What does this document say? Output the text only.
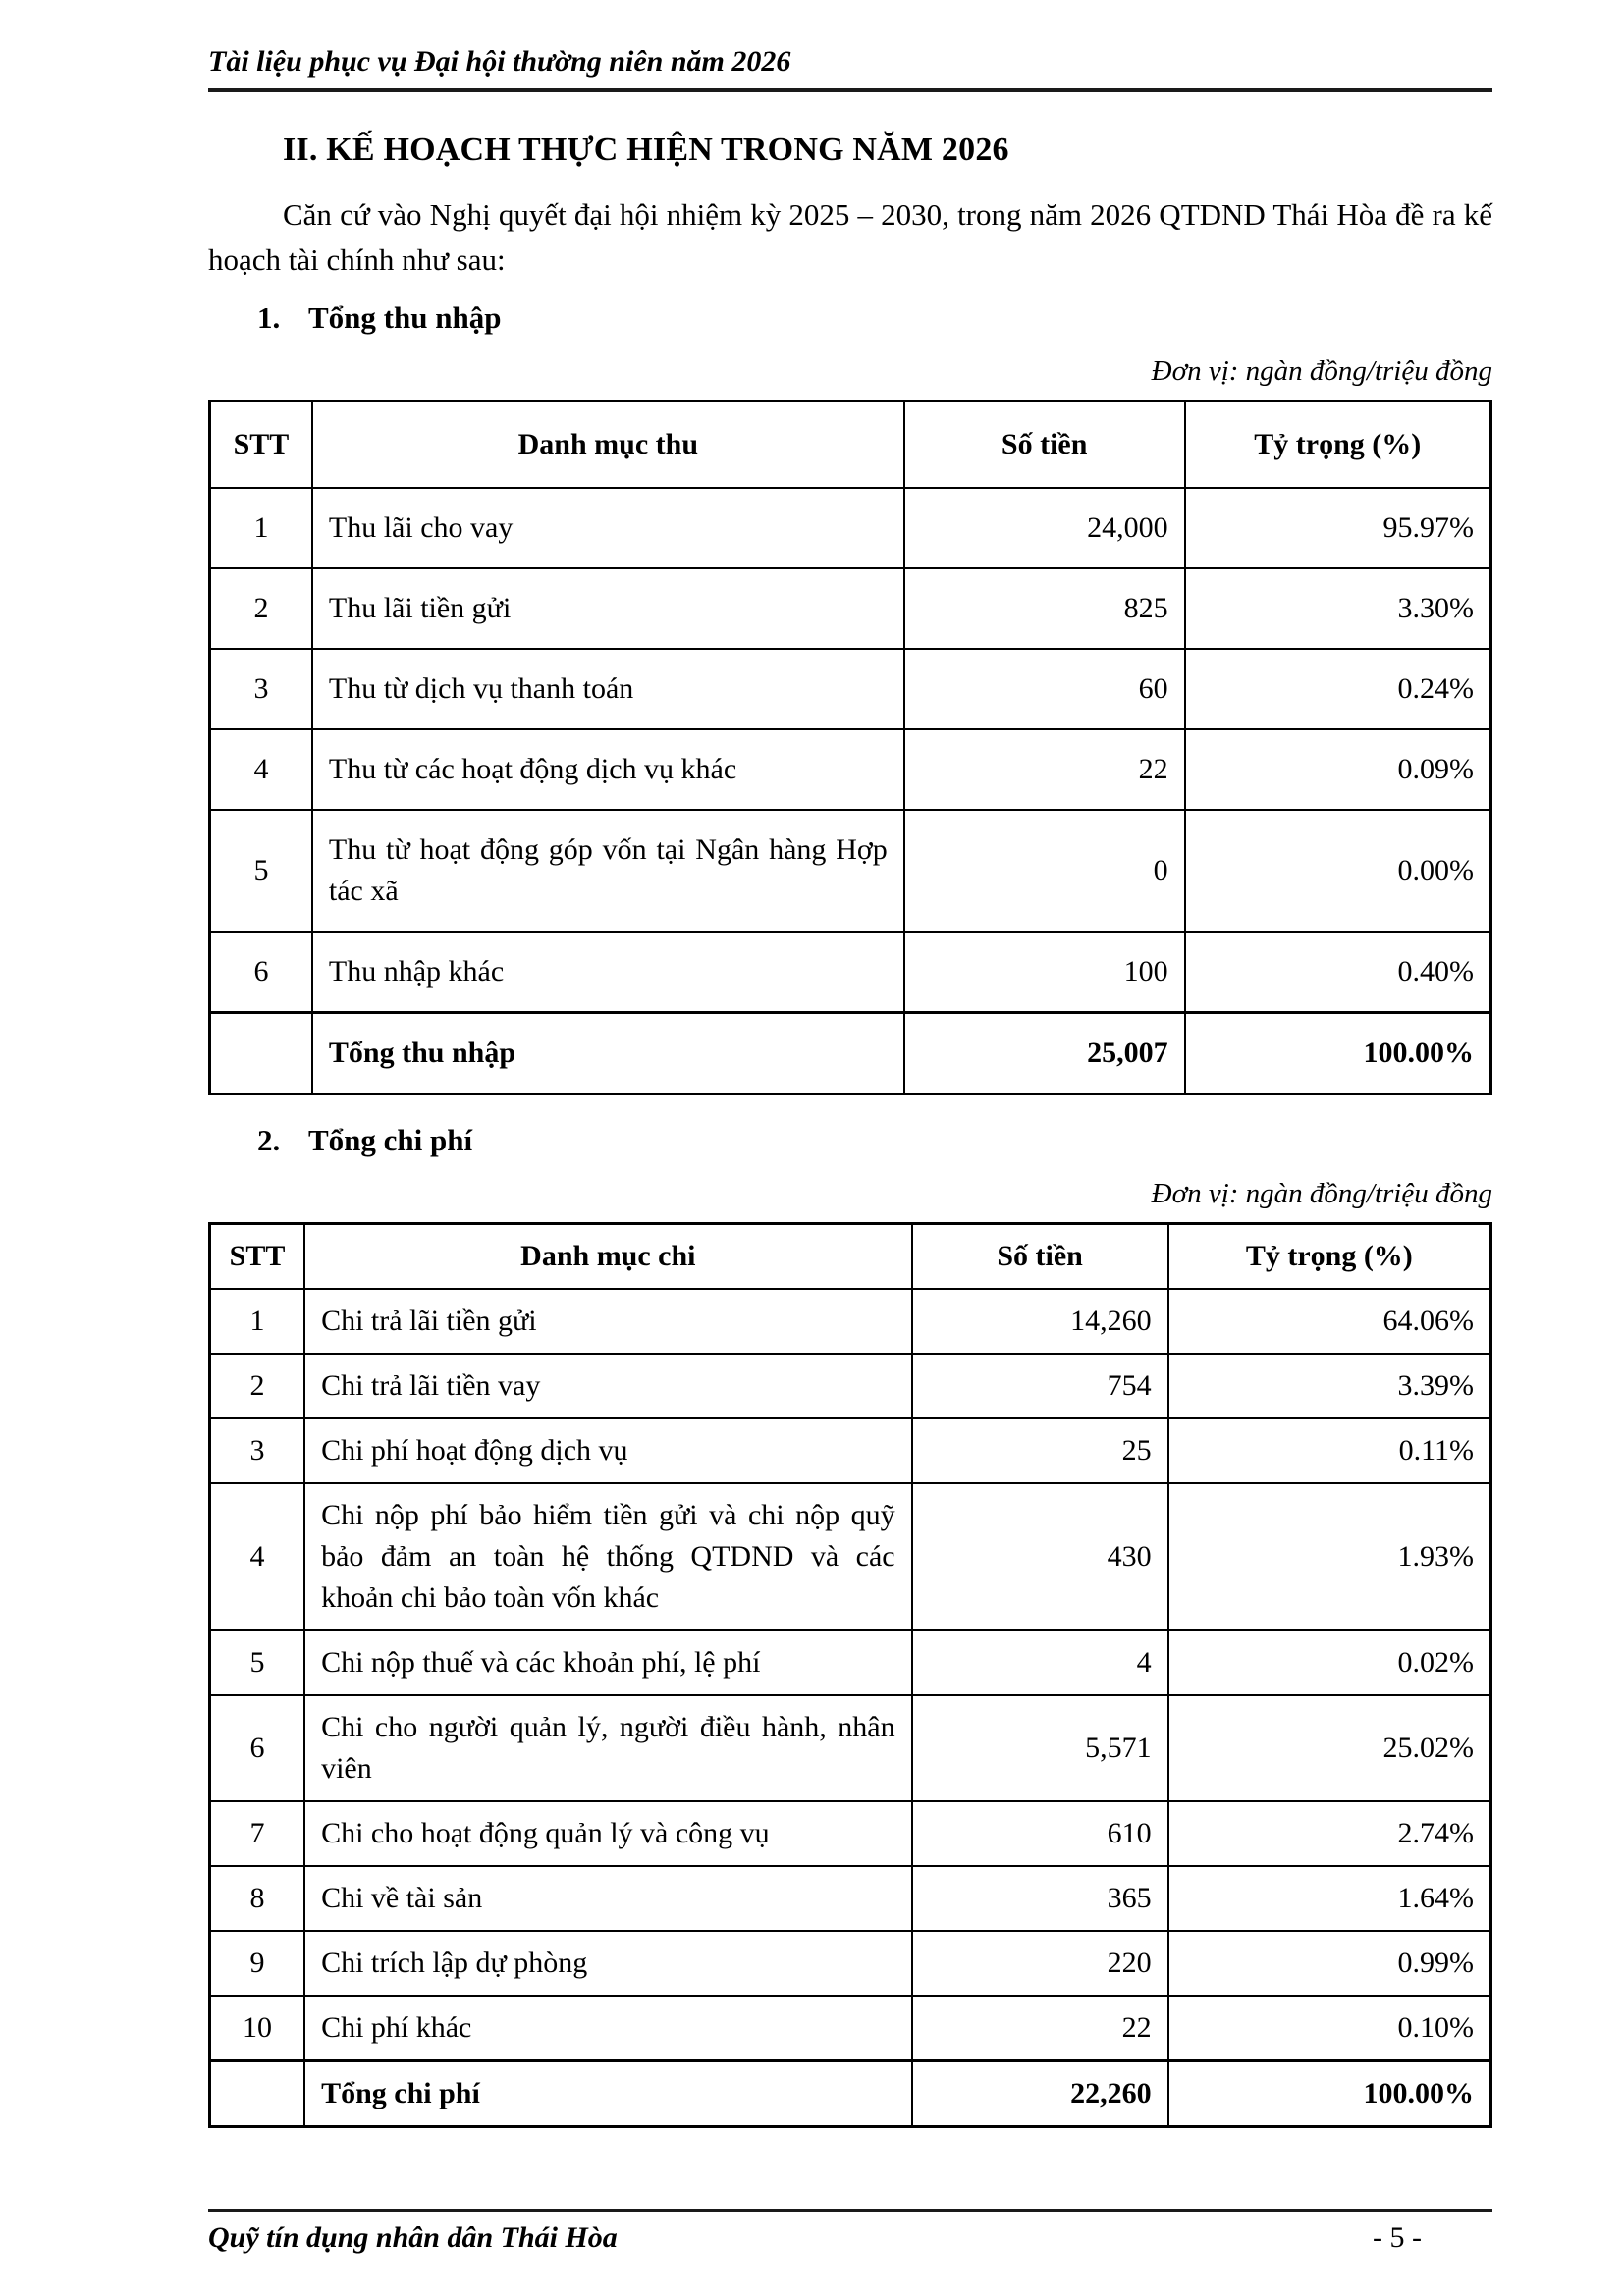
Tài liệu phục vụ Đại hội thường niên năm 2026
II. KẾ HOẠCH THỰC HIỆN TRONG NĂM 2026

Căn cứ vào Nghị quyết đại hội nhiệm kỳ 2025 – 2030, trong năm 2026 QTDND Thái Hòa đề ra kế hoạch tài chính như sau:

1. Tổng thu nhập
Đơn vị: ngàn đồng/triệu đồng
STT	Danh mục thu	Số tiền	Tỷ trọng (%)
1	Thu lãi cho vay	24,000	95.97%
2	Thu lãi tiền gửi	825	3.30%
3	Thu từ dịch vụ thanh toán	60	0.24%
4	Thu từ các hoạt động dịch vụ khác	22	0.09%
5	Thu từ hoạt động góp vốn tại Ngân hàng Hợp tác xã	0	0.00%
6	Thu nhập khác	100	0.40%
	Tổng thu nhập	25,007	100.00%
2. Tổng chi phí
Đơn vị: ngàn đồng/triệu đồng
STT	Danh mục chi	Số tiền	Tỷ trọng (%)
1	Chi trả lãi tiền gửi	14,260	64.06%
2	Chi trả lãi tiền vay	754	3.39%
3	Chi phí hoạt động dịch vụ	25	0.11%
4	Chi nộp phí bảo hiểm tiền gửi và chi nộp quỹ bảo đảm an toàn hệ thống QTDND và các khoản chi bảo toàn vốn khác	430	1.93%
5	Chi nộp thuế và các khoản phí, lệ phí	4	0.02%
6	Chi cho người quản lý, người điều hành, nhân viên	5,571	25.02%
7	Chi cho hoạt động quản lý và công vụ	610	2.74%
8	Chi về tài sản	365	1.64%
9	Chi trích lập dự phòng	220	0.99%
10	Chi phí khác	22	0.10%
	Tổng chi phí	22,260	100.00%
Quỹ tín dụng nhân dân Thái Hòa	- 5 -
